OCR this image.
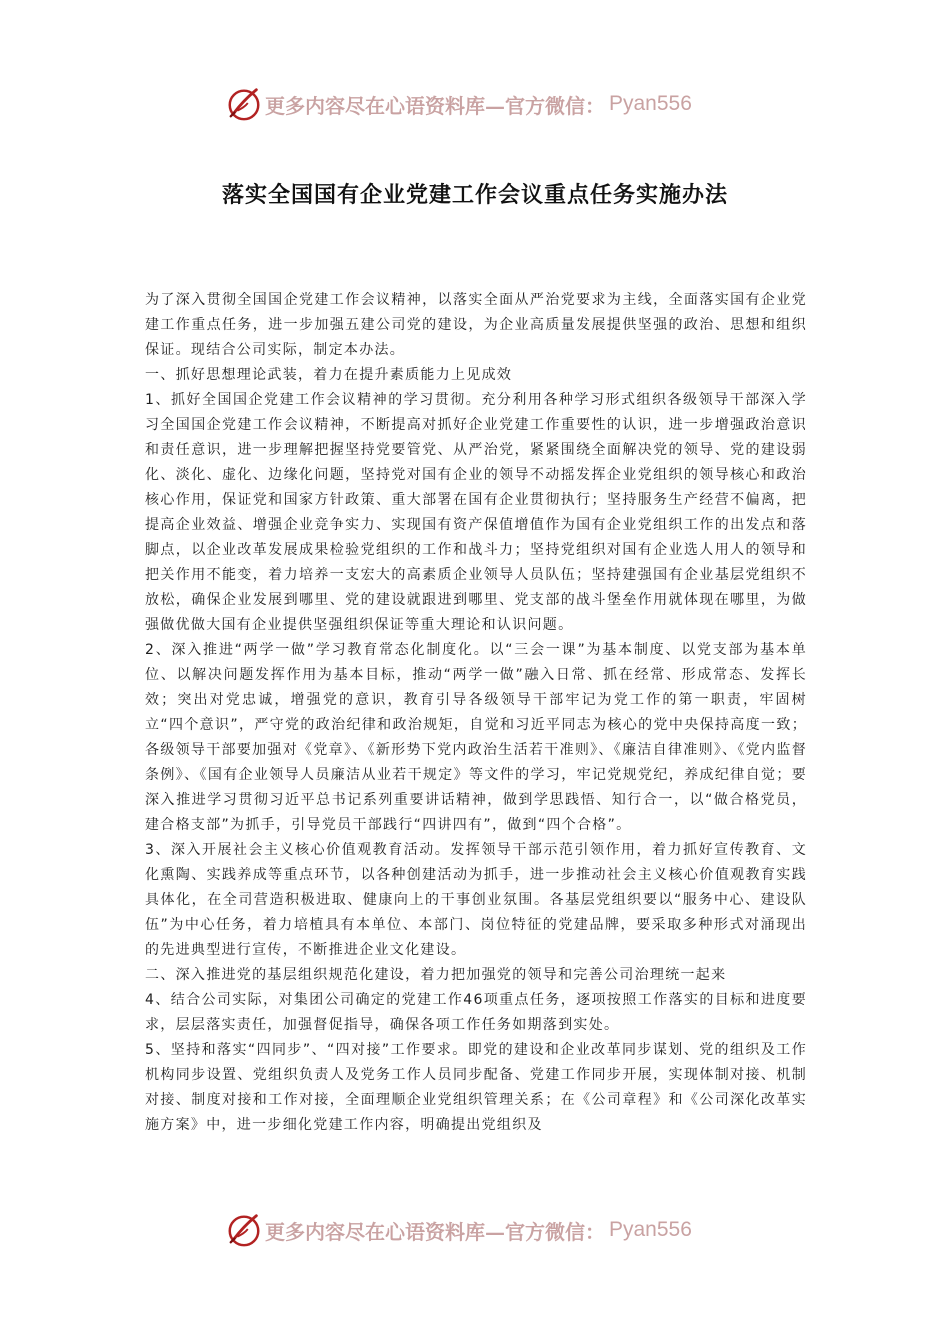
更多内容尽在心语资料库—官方微信： Pyan556
落实全国国有企业党建工作会议重点任务实施办法

为了深入贯彻全国国企党建工作会议精神，以落实全面从严治党要求为主线，全面落实国有企业党建工作重点任务，进一步加强五建公司党的建设，为企业高质量发展提供坚强的政治、思想和组织保证。现结合公司实际，制定本办法。

一、抓好思想理论武装，着力在提升素质能力上见成效

1、抓好全国国企党建工作会议精神的学习贯彻。充分利用各种学习形式组织各级领导干部深入学习全国国企党建工作会议精神，不断提高对抓好企业党建工作重要性的认识，进一步增强政治意识和责任意识，进一步理解把握坚持党要管党、从严治党，紧紧围绕全面解决党的领导、党的建设弱化、淡化、虚化、边缘化问题，坚持党对国有企业的领导不动摇发挥企业党组织的领导核心和政治核心作用，保证党和国家方针政策、重大部署在国有企业贯彻执行；坚持服务生产经营不偏离，把提高企业效益、增强企业竞争实力、实现国有资产保值增值作为国有企业党组织工作的出发点和落脚点，以企业改革发展成果检验党组织的工作和战斗力；坚持党组织对国有企业选人用人的领导和把关作用不能变，着力培养一支宏大的高素质企业领导人员队伍；坚持建强国有企业基层党组织不放松，确保企业发展到哪里、党的建设就跟进到哪里、党支部的战斗堡垒作用就体现在哪里，为做强做优做大国有企业提供坚强组织保证等重大理论和认识问题。

2、深入推进“两学一做”学习教育常态化制度化。以“三会一课”为基本制度、以党支部为基本单位、以解决问题发挥作用为基本目标，推动“两学一做”融入日常、抓在经常、形成常态、发挥长效；突出对党忠诚，增强党的意识，教育引导各级领导干部牢记为党工作的第一职责，牢固树立“四个意识”，严守党的政治纪律和政治规矩，自觉和习近平同志为核心的党中央保持高度一致；各级领导干部要加强对《党章》、《新形势下党内政治生活若干准则》、《廉洁自律准则》、《党内监督条例》、《国有企业领导人员廉洁从业若干规定》等文件的学习，牢记党规党纪，养成纪律自觉；要深入推进学习贯彻习近平总书记系列重要讲话精神，做到学思践悟、知行合一，以“做合格党员，建合格支部”为抓手，引导党员干部践行“四讲四有”，做到“四个合格”。

3、深入开展社会主义核心价值观教育活动。发挥领导干部示范引领作用，着力抓好宣传教育、文化熏陶、实践养成等重点环节，以各种创建活动为抓手，进一步推动社会主义核心价值观教育实践具体化，在全司营造积极进取、健康向上的干事创业氛围。各基层党组织要以“服务中心、建设队伍”为中心任务，着力培植具有本单位、本部门、岗位特征的党建品牌，要采取多种形式对涌现出的先进典型进行宣传，不断推进企业文化建设。

二、深入推进党的基层组织规范化建设，着力把加强党的领导和完善公司治理统一起来

4、结合公司实际，对集团公司确定的党建工作46项重点任务，逐项按照工作落实的目标和进度要求，层层落实责任，加强督促指导，确保各项工作任务如期落到实处。

5、坚持和落实“四同步”、“四对接”工作要求。即党的建设和企业改革同步谋划、党的组织及工作机构同步设置、党组织负责人及党务工作人员同步配备、党建工作同步开展，实现体制对接、机制对接、制度对接和工作对接，全面理顺企业党组织管理关系；在《公司章程》和《公司深化改革实施方案》中，进一步细化党建工作内容，明确提出党组织及

更多内容尽在心语资料库—官方微信： Pyan556
